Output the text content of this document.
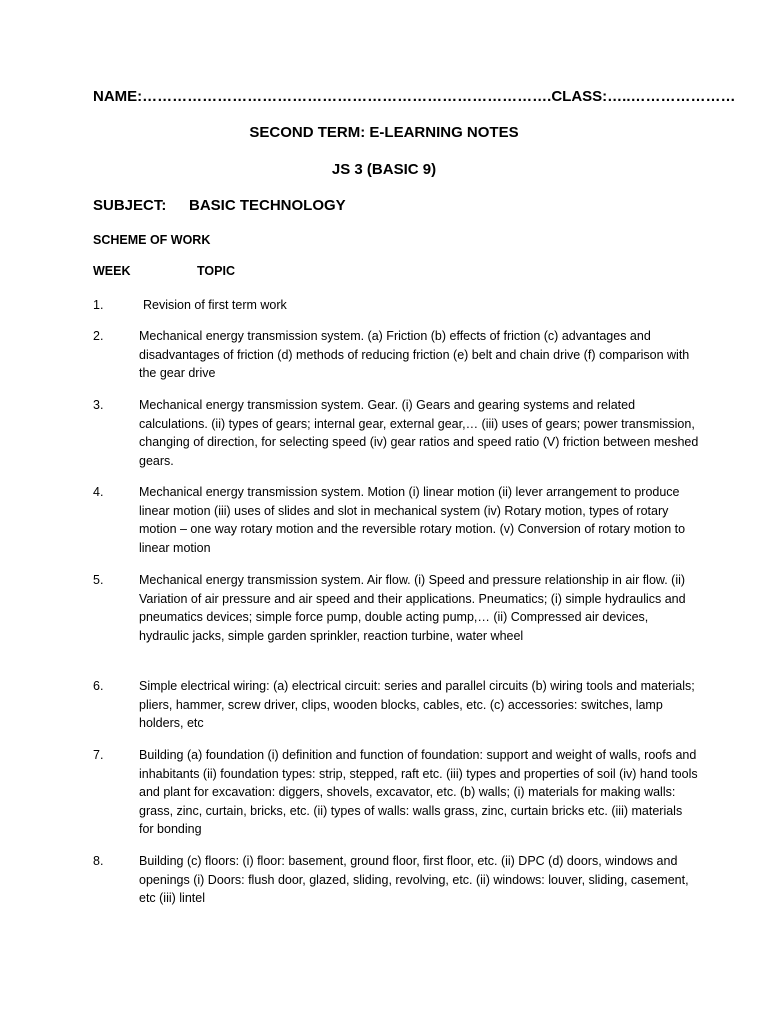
NAME:……………………………………………………………………….CLASS:…..…………………
SECOND TERM: E-LEARNING NOTES
JS 3 (BASIC 9)
SUBJECT: BASIC TECHNOLOGY
SCHEME OF WORK
WEEK	TOPIC
1.	Revision of first term work
2.	Mechanical energy transmission system. (a) Friction (b) effects of friction (c) advantages and disadvantages of friction (d) methods of reducing friction (e) belt and chain drive (f) comparison with the gear drive
3.	Mechanical energy transmission system. Gear. (i) Gears and gearing systems and related calculations. (ii) types of gears; internal gear, external gear,… (iii) uses of gears; power transmission, changing of direction, for selecting speed (iv) gear ratios and speed ratio (V) friction between meshed gears.
4.	Mechanical energy transmission system. Motion (i) linear motion (ii) lever arrangement to produce linear motion (iii) uses of slides and slot in mechanical system (iv) Rotary motion, types of rotary motion – one way rotary motion and the reversible rotary motion. (v) Conversion of rotary motion to linear motion
5.	Mechanical energy transmission system. Air flow. (i) Speed and pressure relationship in air flow. (ii) Variation of air pressure and air speed and their applications. Pneumatics; (i) simple hydraulics and pneumatics devices; simple force pump, double acting pump,… (ii) Compressed air devices, hydraulic jacks, simple garden sprinkler, reaction turbine, water wheel
6.	Simple electrical wiring: (a) electrical circuit: series and parallel circuits (b) wiring tools and materials; pliers, hammer, screw driver, clips, wooden blocks, cables, etc. (c) accessories: switches, lamp holders, etc
7.	Building (a) foundation (i) definition and function of foundation: support and weight of walls, roofs and inhabitants (ii) foundation types: strip, stepped, raft etc. (iii) types and properties of soil (iv) hand tools and plant for excavation: diggers, shovels, excavator, etc. (b) walls; (i) materials for making walls: grass, zinc, curtain, bricks, etc. (ii) types of walls: walls grass, zinc, curtain bricks etc. (iii) materials for bonding
8.	Building (c) floors: (i) floor: basement, ground floor, first floor, etc. (ii) DPC (d) doors, windows and openings (i) Doors: flush door, glazed, sliding, revolving, etc. (ii) windows: louver, sliding, casement, etc (iii) lintel
